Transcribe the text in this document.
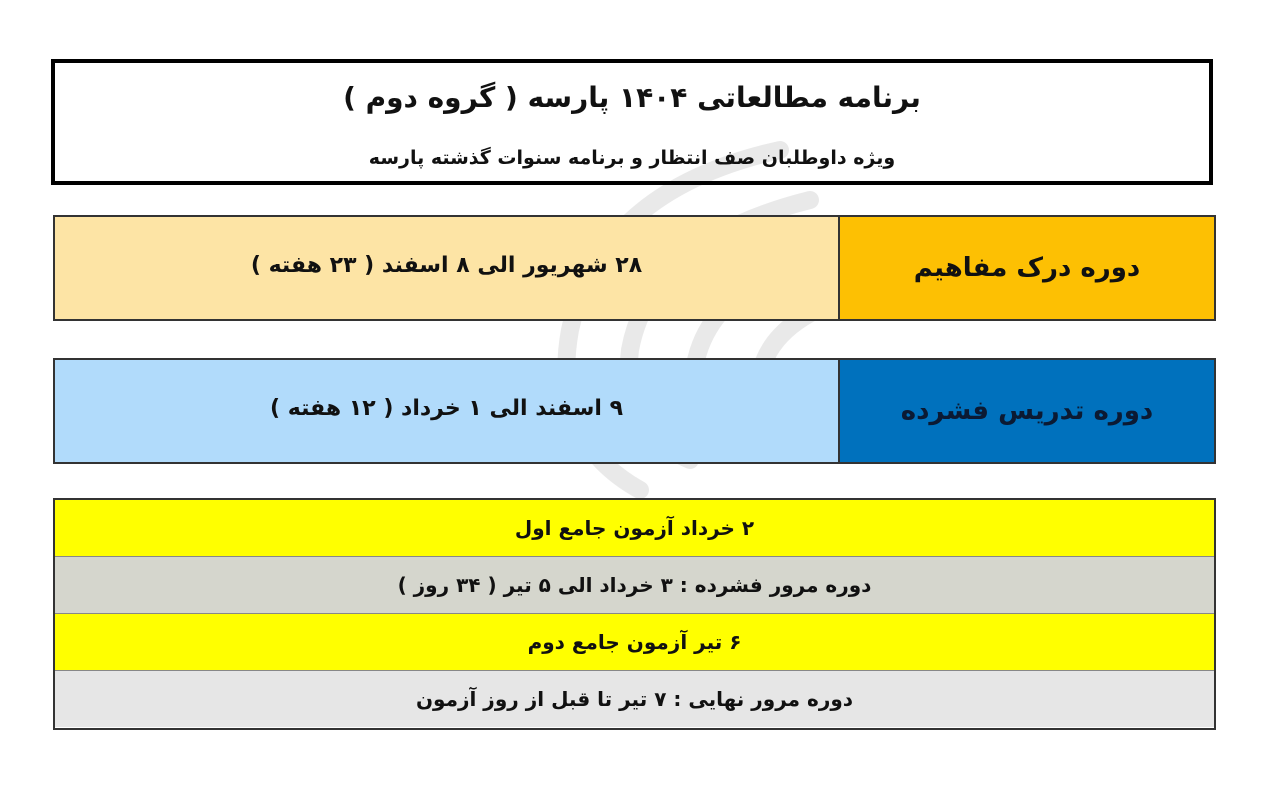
برنامه مطالعاتی ۱۴۰۴ پارسه ( گروه دوم )
ویژه داوطلبان صف انتظار و برنامه سنوات گذشته پارسه
۲۸ شهریور الی ۸ اسفند ( ۲۳ هفته )	دوره درک مفاهیم
۹ اسفند الی ۱ خرداد ( ۱۲ هفته )	دوره تدریس فشرده
۲ خرداد آزمون جامع اول
دوره مرور فشرده : ۳ خرداد الی ۵ تیر ( ۳۴ روز )
۶ تیر آزمون جامع دوم
دوره مرور نهایی : ۷ تیر تا قبل از روز آزمون
